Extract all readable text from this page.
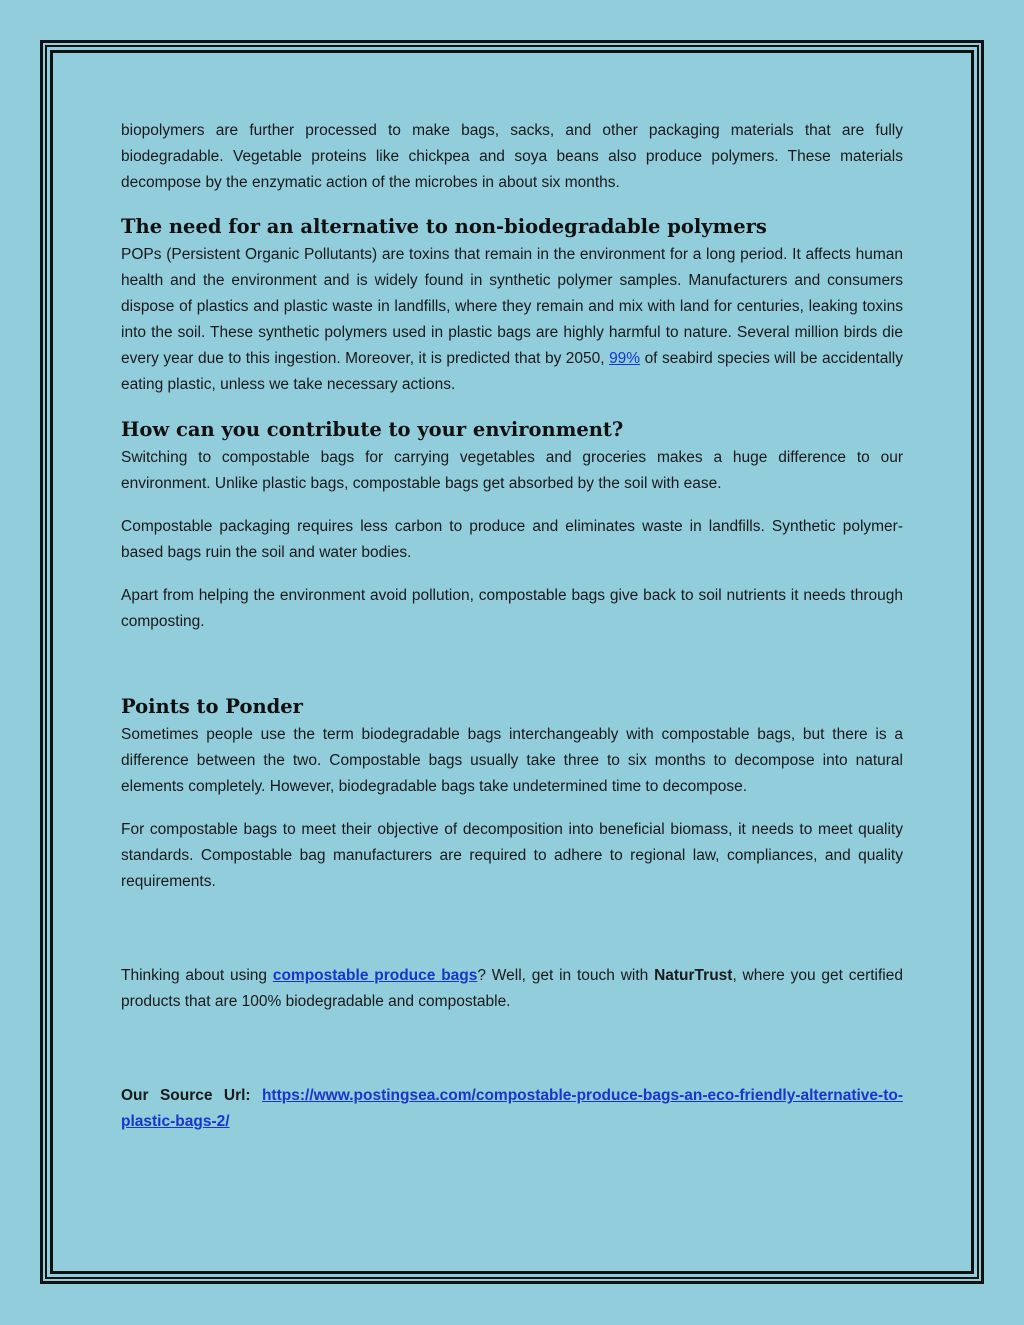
biopolymers are further processed to make bags, sacks, and other packaging materials that are fully biodegradable. Vegetable proteins like chickpea and soya beans also produce polymers. These materials decompose by the enzymatic action of the microbes in about six months.

The need for an alternative to non-biodegradable polymers

POPs (Persistent Organic Pollutants) are toxins that remain in the environment for a long period. It affects human health and the environment and is widely found in synthetic polymer samples. Manufacturers and consumers dispose of plastics and plastic waste in landfills, where they remain and mix with land for centuries, leaking toxins into the soil. These synthetic polymers used in plastic bags are highly harmful to nature. Several million birds die every year due to this ingestion. Moreover, it is predicted that by 2050, 99% of seabird species will be accidentally eating plastic, unless we take necessary actions.

How can you contribute to your environment?

Switching to compostable bags for carrying vegetables and groceries makes a huge difference to our environment. Unlike plastic bags, compostable bags get absorbed by the soil with ease.

Compostable packaging requires less carbon to produce and eliminates waste in landfills. Synthetic polymer-based bags ruin the soil and water bodies.

Apart from helping the environment avoid pollution, compostable bags give back to soil nutrients it needs through composting.

Points to Ponder

Sometimes people use the term biodegradable bags interchangeably with compostable bags, but there is a difference between the two. Compostable bags usually take three to six months to decompose into natural elements completely. However, biodegradable bags take undetermined time to decompose.

For compostable bags to meet their objective of decomposition into beneficial biomass, it needs to meet quality standards. Compostable bag manufacturers are required to adhere to regional law, compliances, and quality requirements.

Thinking about using compostable produce bags? Well, get in touch with NaturTrust, where you get certified products that are 100% biodegradable and compostable.

Our Source Url: https://www.postingsea.com/compostable-produce-bags-an-eco-friendly-alternative-to-plastic-bags-2/
